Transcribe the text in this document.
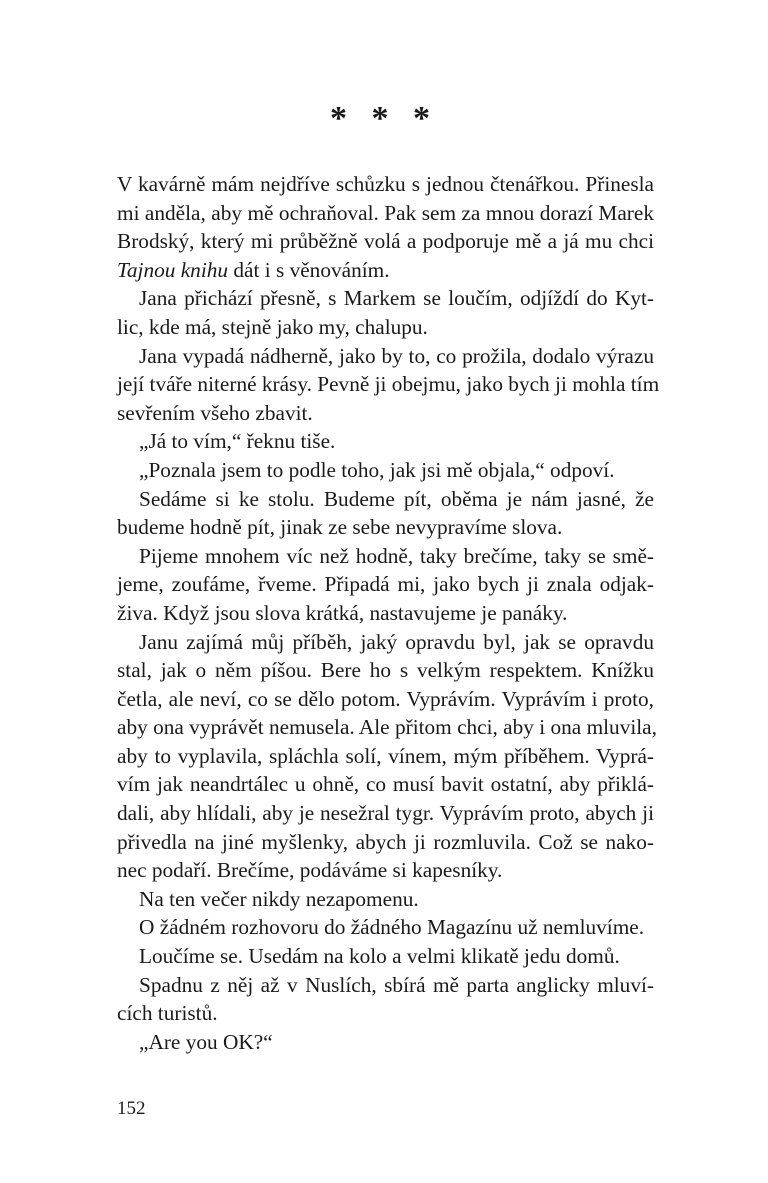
* * *
V kavárně mám nejdříve schůzku s jednou čtenářkou. Přinesla
mi anděla, aby mě ochraňoval. Pak sem za mnou dorazí Marek
Brodský, který mi průběžně volá a podporuje mě a já mu chci
Tajnou knihu dát i s věnováním.
Jana přichází přesně, s Markem se loučím, odjíždí do Kyt-
lic, kde má, stejně jako my, chalupu.
Jana vypadá nádherně, jako by to, co prožila, dodalo výrazu
její tváře niterné krásy. Pevně ji obejmu, jako bych ji mohla tím
sevřením všeho zbavit.
„Já to vím,“ řeknu tiše.
„Poznala jsem to podle toho, jak jsi mě objala,“ odpoví.
Sedáme si ke stolu. Budeme pít, oběma je nám jasné, že
budeme hodně pít, jinak ze sebe nevypravíme slova.
Pijeme mnohem víc než hodně, taky brečíme, taky se smě-
jeme, zoufáme, řveme. Připadá mi, jako bych ji znala odjak-
živa. Když jsou slova krátká, nastavujeme je panáky.
Janu zajímá můj příběh, jaký opravdu byl, jak se opravdu
stal, jak o něm píšou. Bere ho s velkým respektem. Knížku
četla, ale neví, co se dělo potom. Vyprávím. Vyprávím i proto,
aby ona vyprávět nemusela. Ale přitom chci, aby i ona mluvila,
aby to vyplavila, spláchla solí, vínem, mým příběhem. Vyprá-
vím jak neandrtálec u ohně, co musí bavit ostatní, aby přiklá-
dali, aby hlídali, aby je nesežral tygr. Vyprávím proto, abych ji
přivedla na jiné myšlenky, abych ji rozmluvila. Což se nako-
nec podaří. Brečíme, podáváme si kapesníky.
Na ten večer nikdy nezapomenu.
O žádném rozhovoru do žádného Magazínu už nemluvíme.
Loučíme se. Usedám na kolo a velmi klikatě jedu domů.
Spadnu z něj až v Nuslích, sbírá mě parta anglicky mluví-
cích turistů.
„Are you OK?“
152
